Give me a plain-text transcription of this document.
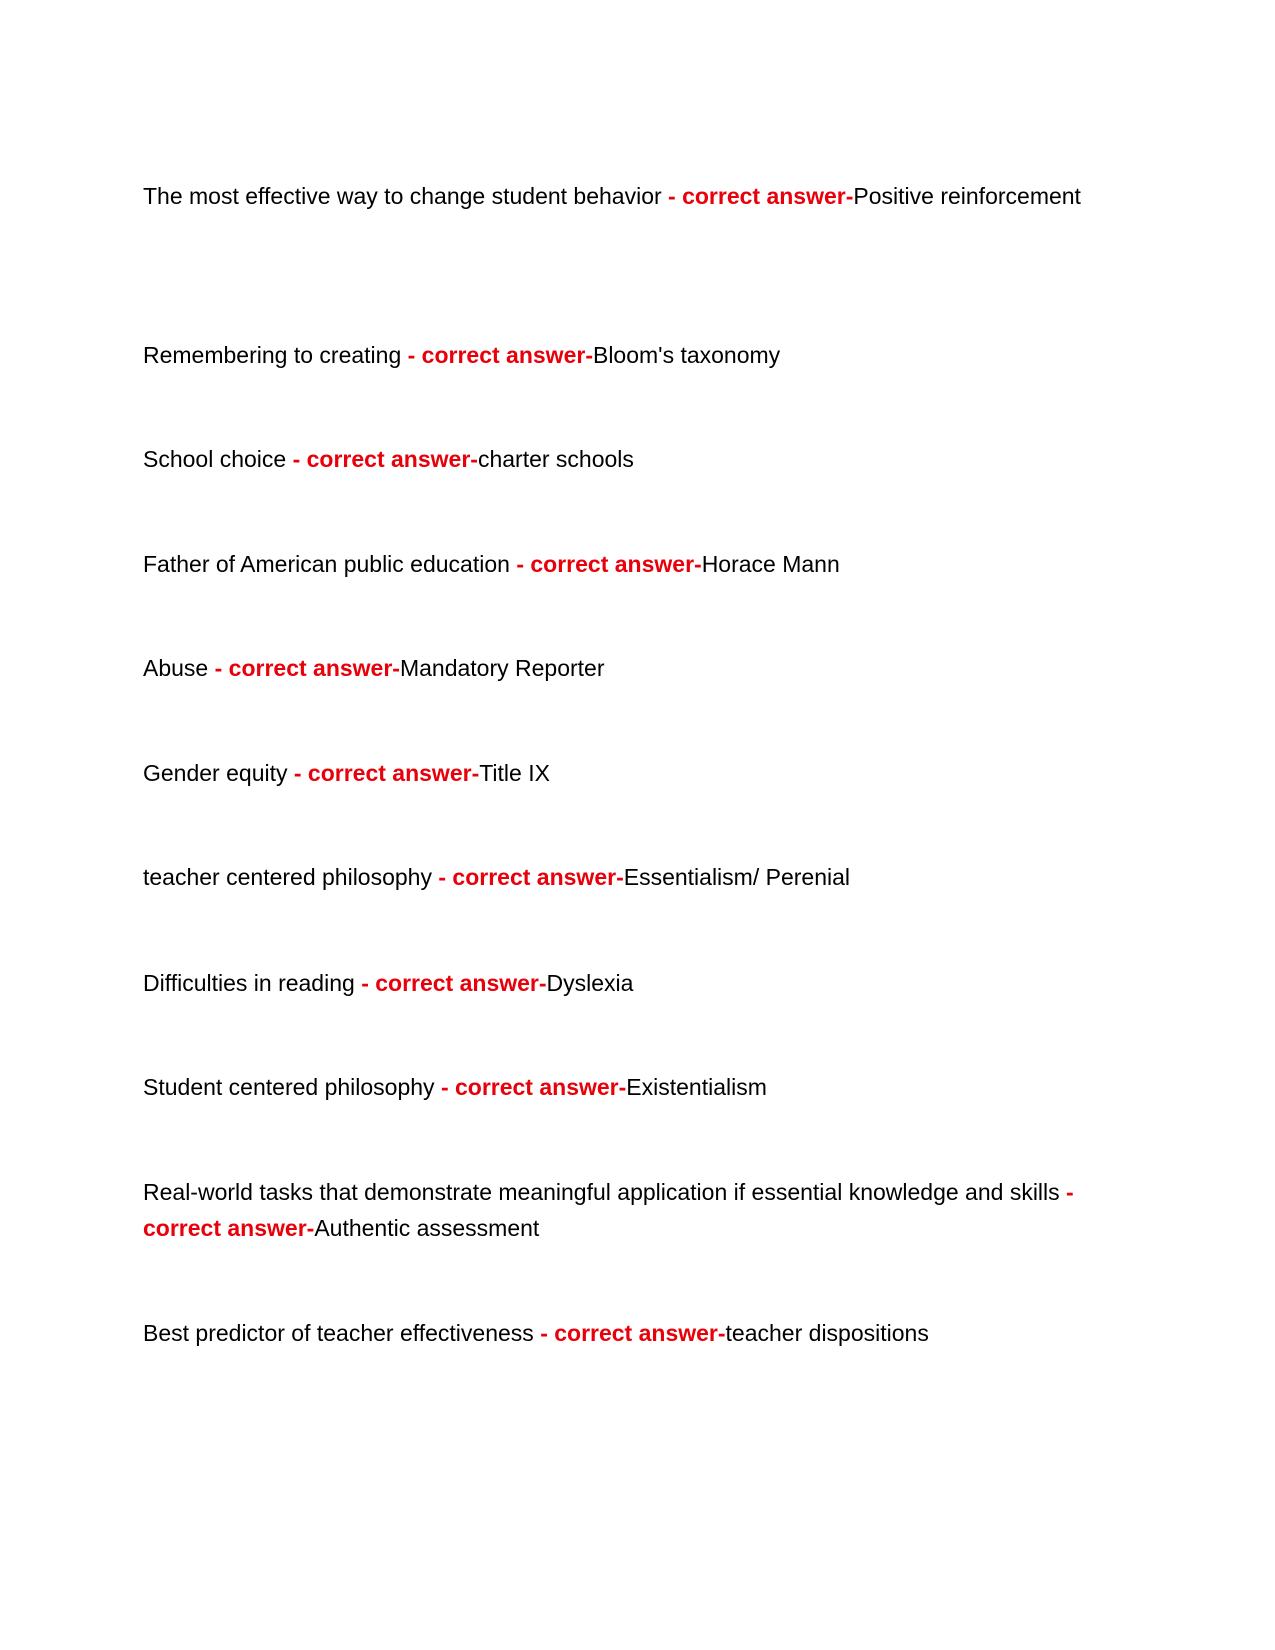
The most effective way to change student behavior - correct answer-Positive reinforcement

Remembering to creating - correct answer-Bloom's taxonomy

School choice - correct answer-charter schools

Father of American public education - correct answer-Horace Mann

Abuse - correct answer-Mandatory Reporter

Gender equity - correct answer-Title IX

teacher centered philosophy - correct answer-Essentialism/ Perenial

Difficulties in reading - correct answer-Dyslexia

Student centered philosophy - correct answer-Existentialism

Real-world tasks that demonstrate meaningful application if essential knowledge and skills - correct answer-Authentic assessment

Best predictor of teacher effectiveness - correct answer-teacher dispositions
